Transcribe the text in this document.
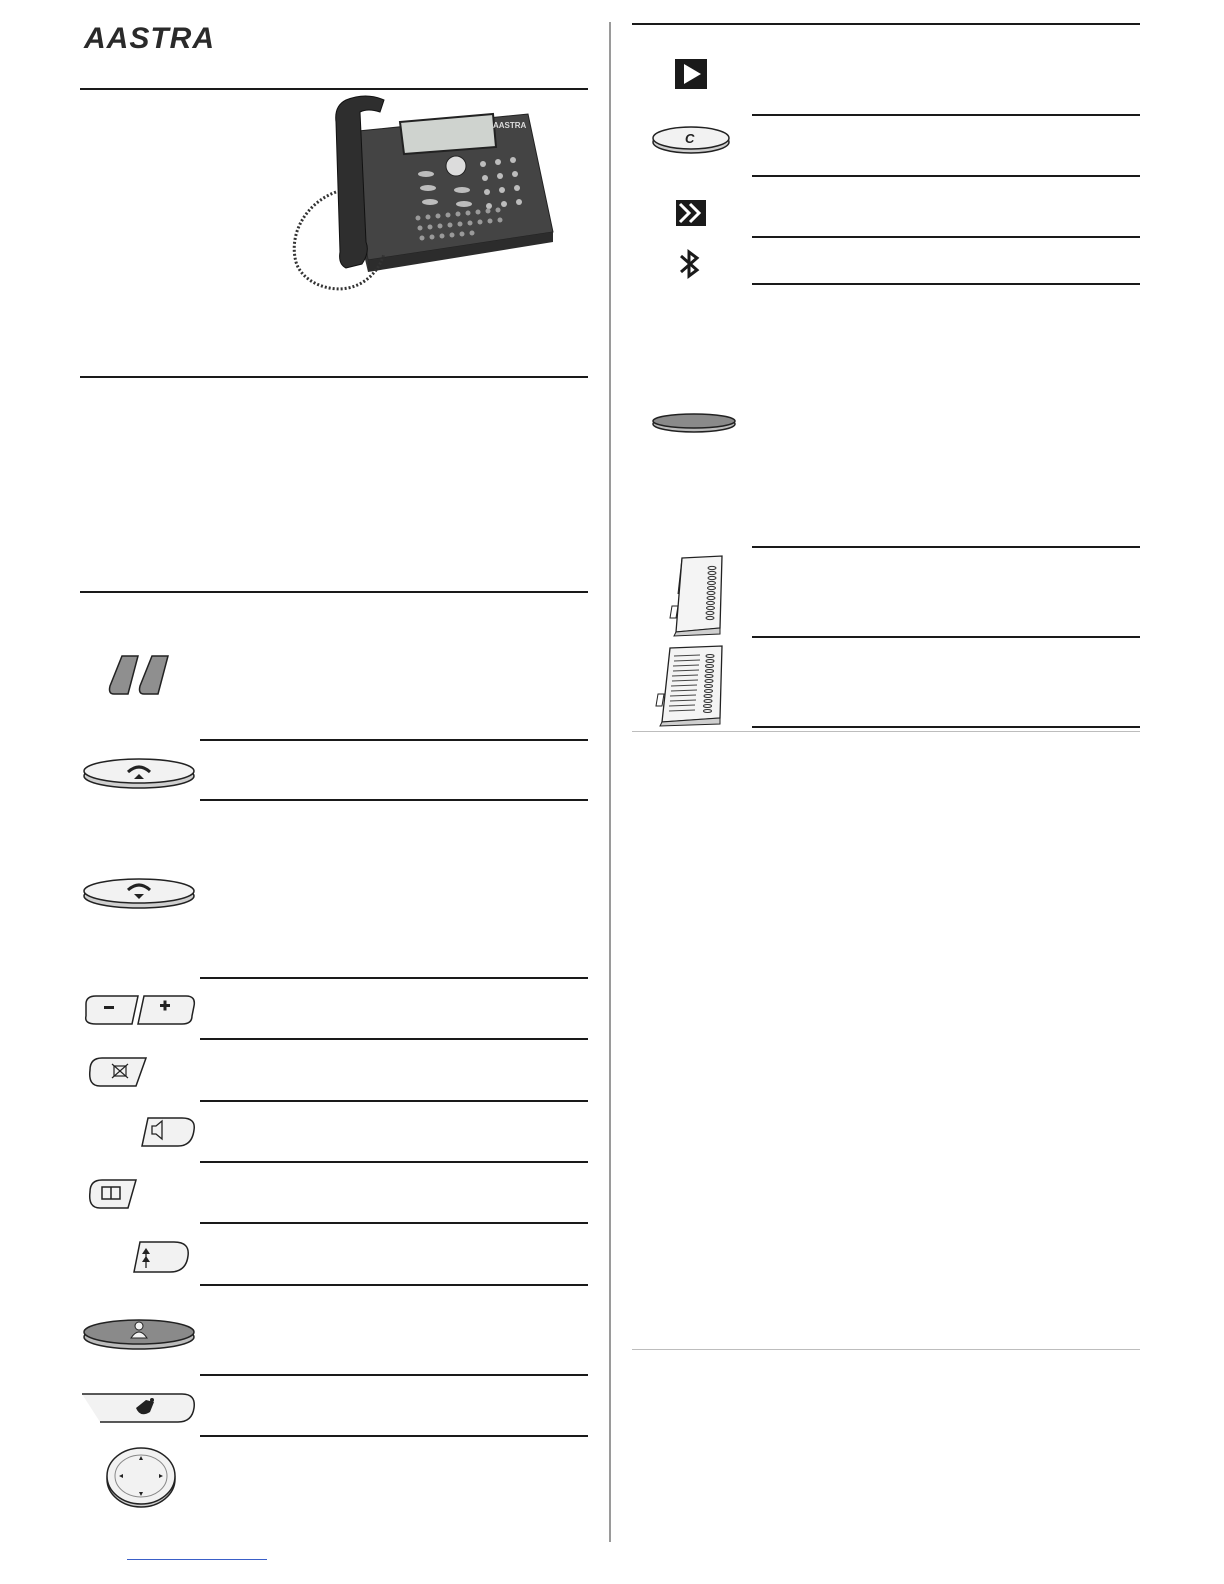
AASTRA
AASTRA
C
